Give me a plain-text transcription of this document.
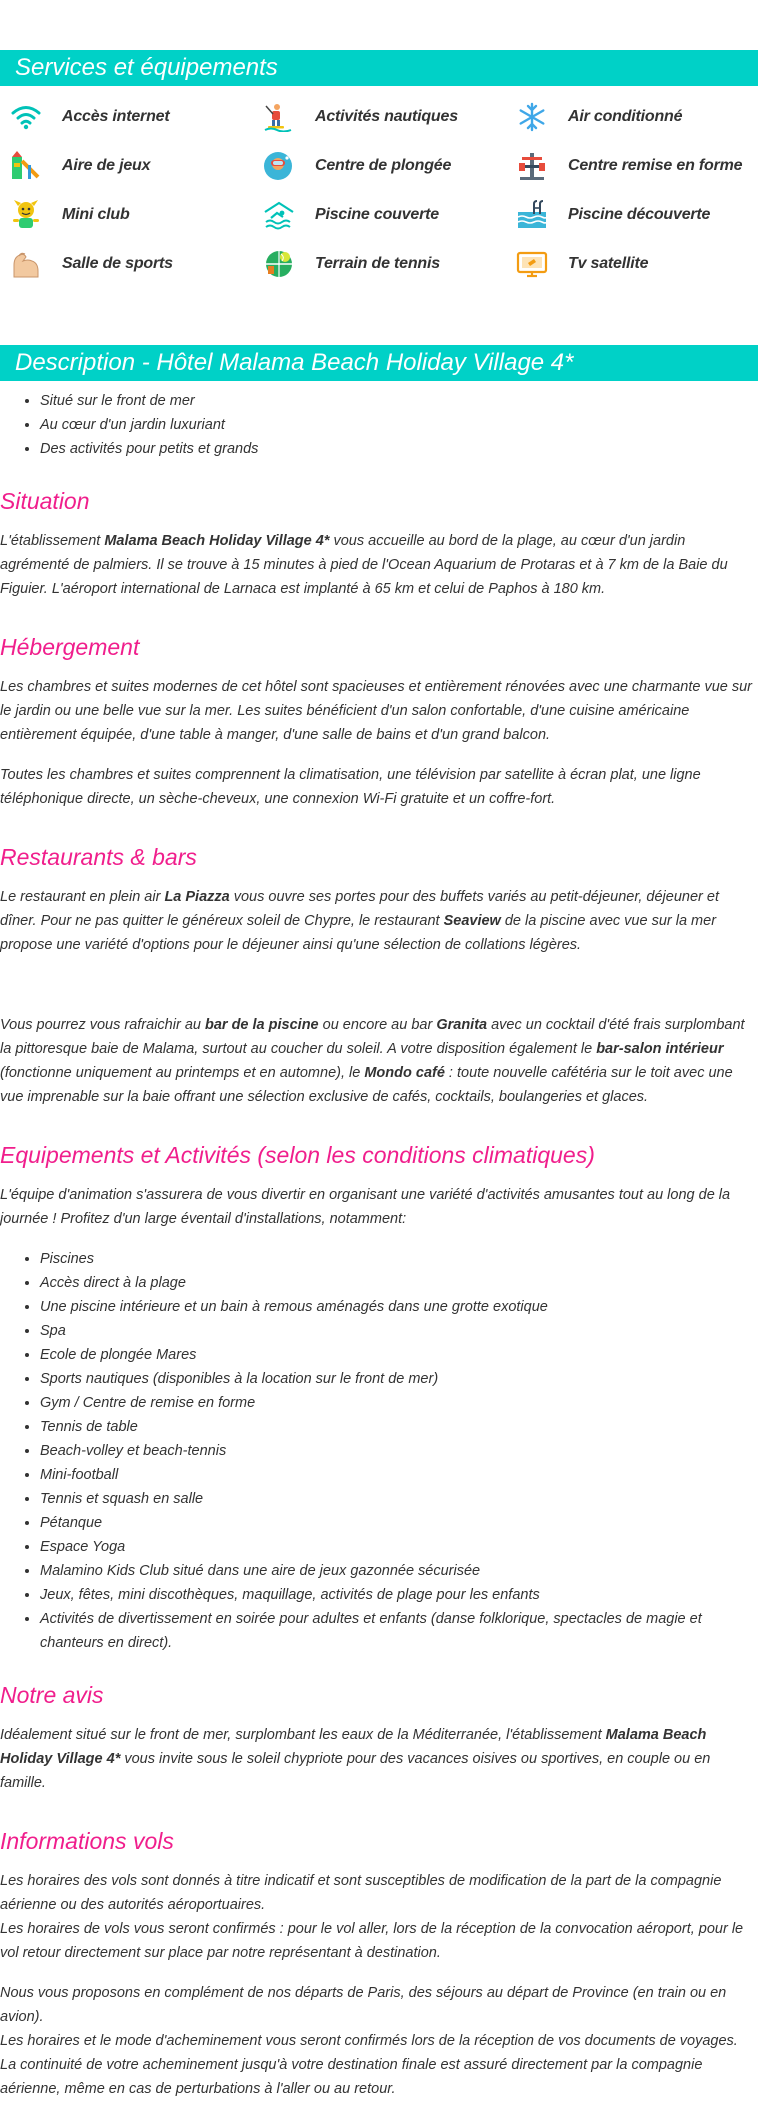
Services et équipements
Accès internet	Activités nautiques	Air conditionné
Aire de jeux	Centre de plongée	Centre remise en forme
Mini club	Piscine couverte	Piscine découverte
Salle de sports	Terrain de tennis	Tv satellite
Description - Hôtel Malama Beach Holiday Village 4*
• Situé sur le front de mer
• Au cœur d'un jardin luxuriant
• Des activités pour petits et grands
Situation

L'établissement Malama Beach Holiday Village 4* vous accueille au bord de la plage, au cœur d'un jardin agrémenté de palmiers. Il se trouve à 15 minutes à pied de l'Ocean Aquarium de Protaras et à 7 km de la Baie du Figuier. L'aéroport international de Larnaca est implanté à 65 km et celui de Paphos à 180 km.

Hébergement

Les chambres et suites modernes de cet hôtel sont spacieuses et entièrement rénovées avec une charmante vue sur le jardin ou une belle vue sur la mer. Les suites bénéficient d'un salon confortable, d'une cuisine américaine entièrement équipée, d'une table à manger, d'une salle de bains et d'un grand balcon.

Toutes les chambres et suites comprennent la climatisation, une télévision par satellite à écran plat, une ligne téléphonique directe, un sèche-cheveux, une connexion Wi-Fi gratuite et un coffre-fort.

Restaurants & bars

Le restaurant en plein air La Piazza vous ouvre ses portes pour des buffets variés au petit-déjeuner, déjeuner et dîner. Pour ne pas quitter le généreux soleil de Chypre, le restaurant Seaview de la piscine avec vue sur la mer propose une variété d'options pour le déjeuner ainsi qu'une sélection de collations légères.

Vous pourrez vous rafraichir au bar de la piscine ou encore au bar Granita avec un cocktail d'été frais surplombant la pittoresque baie de Malama, surtout au coucher du soleil. A votre disposition également le bar-salon intérieur (fonctionne uniquement au printemps et en automne), le Mondo café : toute nouvelle cafétéria sur le toit avec une vue imprenable sur la baie offrant une sélection exclusive de cafés, cocktails, boulangeries et glaces.

Equipements et Activités (selon les conditions climatiques)

L'équipe d'animation s'assurera de vous divertir en organisant une variété d'activités amusantes tout au long de la journée ! Profitez d'un large éventail d'installations, notamment:

• Piscines
• Accès direct à la plage
• Une piscine intérieure et un bain à remous aménagés dans une grotte exotique
• Spa
• Ecole de plongée Mares
• Sports nautiques (disponibles à la location sur le front de mer)
• Gym / Centre de remise en forme
• Tennis de table
• Beach-volley et beach-tennis
• Mini-football
• Tennis et squash en salle
• Pétanque
• Espace Yoga
• Malamino Kids Club situé dans une aire de jeux gazonnée sécurisée
• Jeux, fêtes, mini discothèques, maquillage, activités de plage pour les enfants
• Activités de divertissement en soirée pour adultes et enfants (danse folklorique, spectacles de magie et chanteurs en direct).
Notre avis

Idéalement situé sur le front de mer, surplombant les eaux de la Méditerranée, l'établissement Malama Beach Holiday Village 4* vous invite sous le soleil chypriote pour des vacances oisives ou sportives, en couple ou en famille.

Informations vols

Les horaires des vols sont donnés à titre indicatif et sont susceptibles de modification de la part de la compagnie aérienne ou des autorités aéroportuaires.

Les horaires de vols vous seront confirmés : pour le vol aller, lors de la réception de la convocation aéroport, pour le vol retour directement sur place par notre représentant à destination.

Nous vous proposons en complément de nos départs de Paris, des séjours au départ de Province (en train ou en avion).

Les horaires et le mode d'acheminement vous seront confirmés lors de la réception de vos documents de voyages.

La continuité de votre acheminement jusqu'à votre destination finale est assuré directement par la compagnie aérienne, même en cas de perturbations à l'aller ou au retour.
